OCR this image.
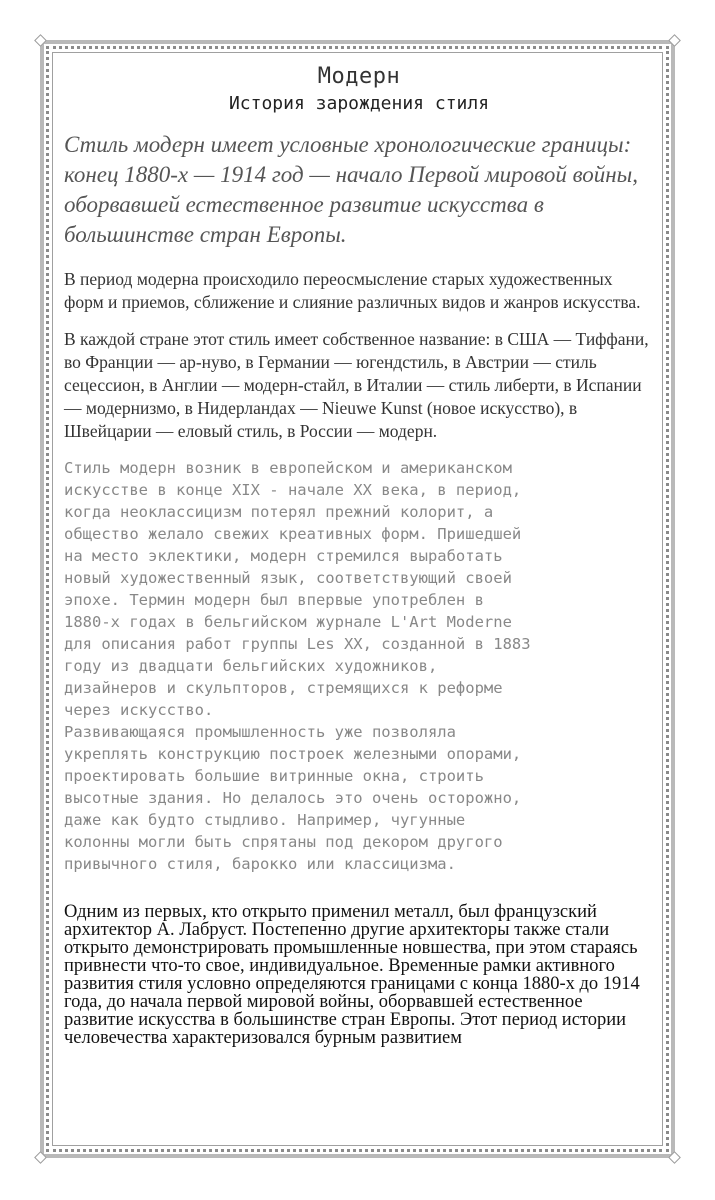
Модерн
История зарождения стиля

Стиль модерн имеет условные хронологические границы: конец 1880-х — 1914 год — начало Первой мировой войны, оборвавшей естественное развитие искусства в большинстве стран Европы.

В период модерна происходило переосмысление старых художественных форм и приемов, сближение и слияние различных видов и жанров искусства.

В каждой стране этот стиль имеет собственное название: в США — Тиффани, во Франции — ар-нуво, в Германии — югендстиль, в Австрии — стиль сецессион, в Англии — модерн-стайл, в Италии — стиль либерти, в Испании — модернизмо, в Нидерландах — Nieuwe Kunst (новое искусство), в Швейцарии — еловый стиль, в России — модерн.

Стиль модерн возник в европейском и американском
искусстве в конце XIX - начале XX века, в период,
когда неоклассицизм потерял прежний колорит, а
общество желало свежих креативных форм. Пришедшей
на место эклектики, модерн стремился выработать
новый художественный язык, соответствующий своей
эпохе. Термин модерн был впервые употреблен в
1880-х годах в бельгийском журнале L'Art Moderne
для описания работ группы Les XX, созданной в 1883
году из двадцати бельгийских художников,
дизайнеров и скульпторов, стремящихся к реформе
через искусство.

Развивающаяся промышленность уже позволяла
укреплять конструкцию построек железными опорами,
проектировать большие витринные окна, строить
высотные здания. Но делалось это очень осторожно,
даже как будто стыдливо. Например, чугунные
колонны могли быть спрятаны под декором другого
привычного стиля, барокко или классицизма.

Одним из первых, кто открыто применил металл, был французский архитектор А. Лабруст. Постепенно другие архитекторы также стали открыто демонстрировать промышленные новшества, при этом стараясь привнести что-то свое, индивидуальное. Временные рамки активного развития стиля условно определяются границами с конца 1880-х до 1914 года, до начала первой мировой войны, оборвавшей естественное развитие искусства в большинстве стран Европы. Этот период истории человечества характеризовался бурным развитием
